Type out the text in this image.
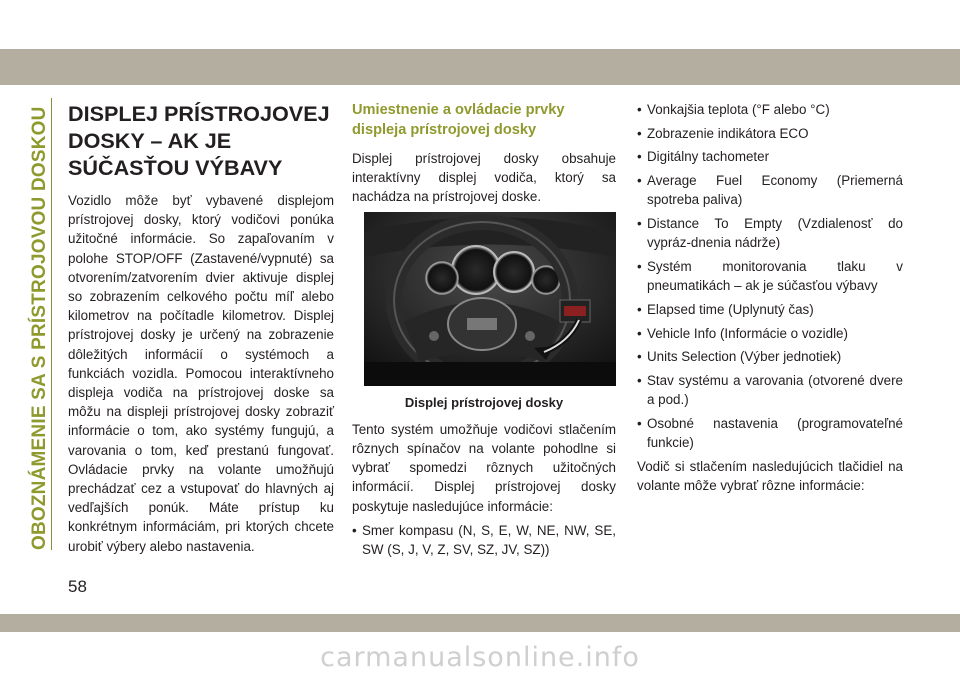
OBOZNÁMENIE SA S PRÍSTROJOVOU DOSKOU DISPLEJ PRÍSTROJOVEJ DOSKY – AK JE SÚČASŤOU VÝBAVY

Vozidlo môže byť vybavené displejom prístrojovej dosky, ktorý vodičovi ponúka užitočné informácie. So zapaľovaním v polohe STOP/OFF (Zastavené/vypnuté) sa otvorením/zatvorením dvier aktivuje displej so zobrazením celkového počtu míľ alebo kilometrov na počítadle kilometrov. Displej prístrojovej dosky je určený na zobrazenie dôležitých informácií o systémoch a funkciách vozidla. Pomocou interaktívneho displeja vodiča na prístrojovej doske sa môžu na displeji prístrojovej dosky zobraziť informácie o tom, ako systémy fungujú, a varovania o tom, keď prestanú fungovať. Ovládacie prvky na volante umožňujú prechádzať cez a vstupovať do hlavných aj vedľajších ponúk. Máte prístup ku konkrétnym informáciám, pri ktorých chcete urobiť výbery alebo nastavenia.

Umiestnenie a ovládacie prvky displeja prístrojovej dosky

Displej prístrojovej dosky obsahuje interaktívny displej vodiča, ktorý sa nachádza na prístrojovej doske.

Displej prístrojovej dosky

Tento systém umožňuje vodičovi stlačením rôznych spínačov na volante pohodlne si vybrať spomedzi rôznych užitočných informácií. Displej prístrojovej dosky poskytuje nasledujúce informácie:

• Smer kompasu (N, S, E, W, NE, NW, SE, SW (S, J, V, Z, SV, SZ, JV, SZ))
• Vonkajšia teplota (°F alebo °C)
• Zobrazenie indikátora ECO
• Digitálny tachometer
• Average Fuel Economy (Priemerná spotreba paliva)
• Distance To Empty (Vzdialenosť do vypráz-dnenia nádrže)
• Systém monitorovania tlaku v pneumatikách – ak je súčasťou výbavy
• Elapsed time (Uplynutý čas)
• Vehicle Info (Informácie o vozidle)
• Units Selection (Výber jednotiek)
• Stav systému a varovania (otvorené dvere a pod.)
• Osobné nastavenia (programovateľné funkcie)

Vodič si stlačením nasledujúcich tlačidiel na volante môže vybrať rôzne informácie:

58
carmanualsonline.info
